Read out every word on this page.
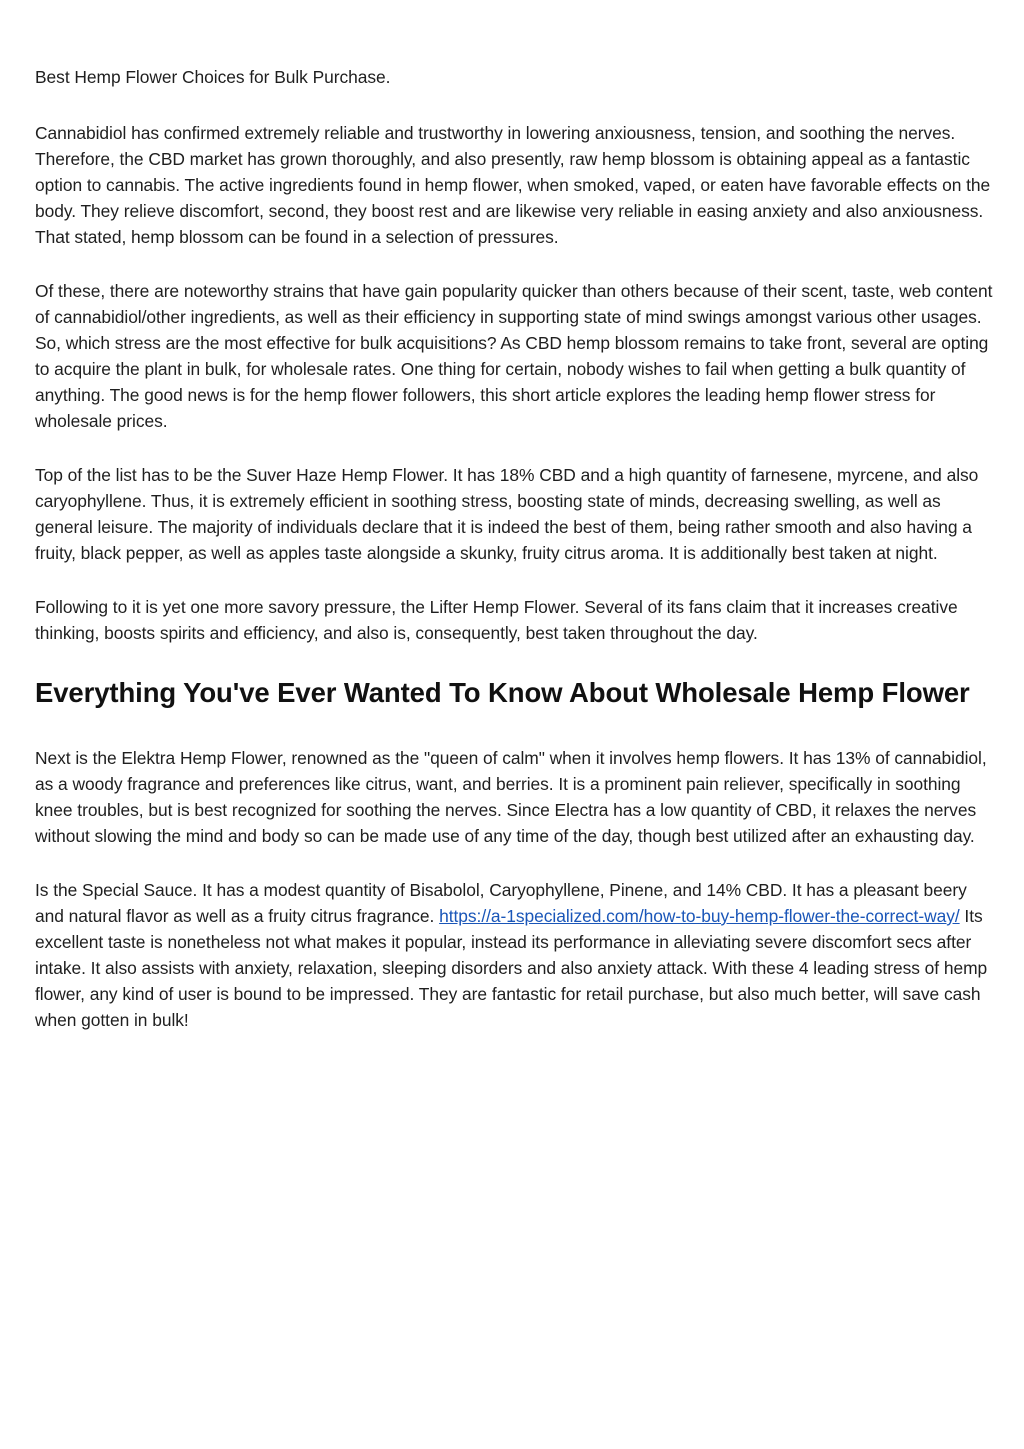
Best Hemp Flower Choices for Bulk Purchase.

Cannabidiol has confirmed extremely reliable and trustworthy in lowering anxiousness, tension, and soothing the nerves. Therefore, the CBD market has grown thoroughly, and also presently, raw hemp blossom is obtaining appeal as a fantastic option to cannabis. The active ingredients found in hemp flower, when smoked, vaped, or eaten have favorable effects on the body. They relieve discomfort, second, they boost rest and are likewise very reliable in easing anxiety and also anxiousness. That stated, hemp blossom can be found in a selection of pressures.

Of these, there are noteworthy strains that have gain popularity quicker than others because of their scent, taste, web content of cannabidiol/other ingredients, as well as their efficiency in supporting state of mind swings amongst various other usages. So, which stress are the most effective for bulk acquisitions? As CBD hemp blossom remains to take front, several are opting to acquire the plant in bulk, for wholesale rates. One thing for certain, nobody wishes to fail when getting a bulk quantity of anything. The good news is for the hemp flower followers, this short article explores the leading hemp flower stress for wholesale prices.

Top of the list has to be the Suver Haze Hemp Flower. It has 18% CBD and a high quantity of farnesene, myrcene, and also caryophyllene. Thus, it is extremely efficient in soothing stress, boosting state of minds, decreasing swelling, as well as general leisure. The majority of individuals declare that it is indeed the best of them, being rather smooth and also having a fruity, black pepper, as well as apples taste alongside a skunky, fruity citrus aroma. It is additionally best taken at night.

Following to it is yet one more savory pressure, the Lifter Hemp Flower. Several of its fans claim that it increases creative thinking, boosts spirits and efficiency, and also is, consequently, best taken throughout the day.

Everything You've Ever Wanted To Know About Wholesale Hemp Flower

Next is the Elektra Hemp Flower, renowned as the "queen of calm" when it involves hemp flowers. It has 13% of cannabidiol, as a woody fragrance and preferences like citrus, want, and berries. It is a prominent pain reliever, specifically in soothing knee troubles, but is best recognized for soothing the nerves. Since Electra has a low quantity of CBD, it relaxes the nerves without slowing the mind and body so can be made use of any time of the day, though best utilized after an exhausting day.

Is the Special Sauce. It has a modest quantity of Bisabolol, Caryophyllene, Pinene, and 14% CBD. It has a pleasant beery and natural flavor as well as a fruity citrus fragrance. https://a-1specialized.com/how-to-buy-hemp-flower-the-correct-way/ Its excellent taste is nonetheless not what makes it popular, instead its performance in alleviating severe discomfort secs after intake. It also assists with anxiety, relaxation, sleeping disorders and also anxiety attack. With these 4 leading stress of hemp flower, any kind of user is bound to be impressed. They are fantastic for retail purchase, but also much better, will save cash when gotten in bulk!
